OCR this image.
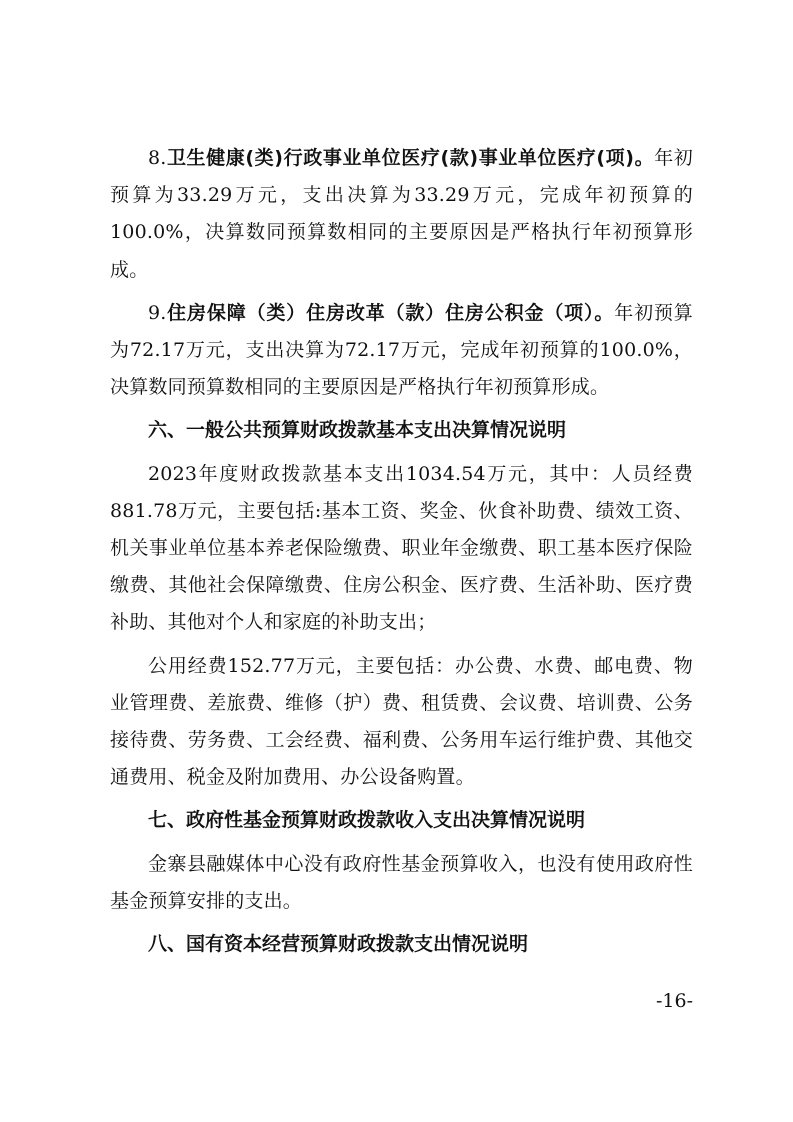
8.卫生健康(类)行政事业单位医疗(款)事业单位医疗(项)。年初预算为33.29万元，支出决算为33.29万元，完成年初预算的100.0%，决算数同预算数相同的主要原因是严格执行年初预算形成。

9.住房保障（类）住房改革（款）住房公积金（项）。年初预算为72.17万元，支出决算为72.17万元，完成年初预算的100.0%，决算数同预算数相同的主要原因是严格执行年初预算形成。

六、一般公共预算财政拨款基本支出决算情况说明

2023年度财政拨款基本支出1034.54万元，其中：人员经费881.78万元，主要包括:基本工资、奖金、伙食补助费、绩效工资、机关事业单位基本养老保险缴费、职业年金缴费、职工基本医疗保险缴费、其他社会保障缴费、住房公积金、医疗费、生活补助、医疗费补助、其他对个人和家庭的补助支出；

公用经费152.77万元，主要包括：办公费、水费、邮电费、物业管理费、差旅费、维修（护）费、租赁费、会议费、培训费、公务接待费、劳务费、工会经费、福利费、公务用车运行维护费、其他交通费用、税金及附加费用、办公设备购置。

七、政府性基金预算财政拨款收入支出决算情况说明

金寨县融媒体中心没有政府性基金预算收入，也没有使用政府性基金预算安排的支出。

八、国有资本经营预算财政拨款支出情况说明

-16-
